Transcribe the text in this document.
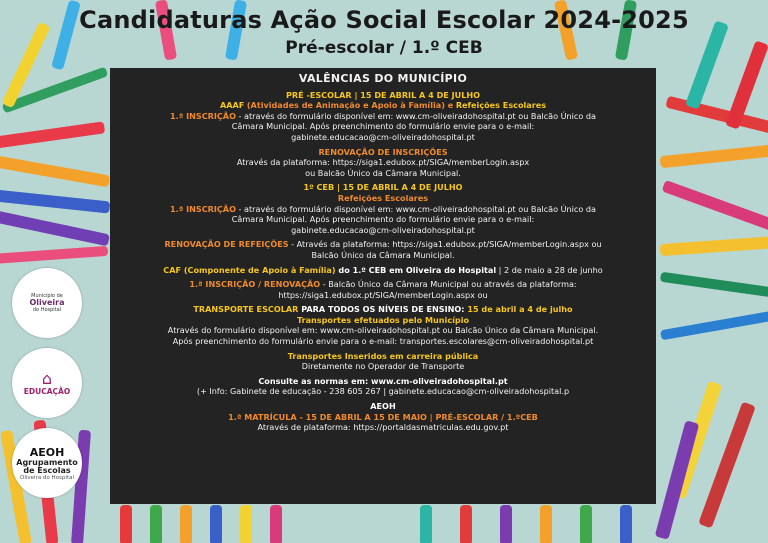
Candidaturas Ação Social Escolar 2024-2025
Pré-escolar / 1.º CEB
Município de
Oliveira
do Hospital
⌂
EDUCAÇÃO
AEOH
Agrupamento
de Escolas
Oliveira do Hospital
VALÊNCIAS DO MUNICÍPIO
PRÉ -ESCOLAR | 15 DE ABRIL A 4 DE JULHO
AAAF (Atividades de Animação e Apoio à Família) e Refeições Escolares
1.ª INSCRIÇÃO - através do formulário disponível em: www.cm-oliveiradohospital.pt ou Balcão Único da
Câmara Municipal. Após preenchimento do formulário envie para o e-mail:
gabinete.educacao@cm-oliveiradohospital.pt
RENOVAÇÃO DE INSCRIÇÕES
Através da plataforma: https://siga1.edubox.pt/SIGA/memberLogin.aspx
ou Balcão Único da Câmara Municipal.
1º CEB | 15 DE ABRIL A 4 DE JULHO
Refeições Escolares
1.ª INSCRIÇÃO - através do formulário disponível em: www.cm-oliveiradohospital.pt ou Balcão Único da
Câmara Municipal. Após preenchimento do formulário envie para o e-mail:
gabinete.educacao@cm-oliveiradohospital.pt
RENOVAÇÃO DE REFEIÇÕES - Através da plataforma: https://siga1.edubox.pt/SIGA/memberLogin.aspx ou
Balcão Único da Câmara Municipal.
CAF (Componente de Apoio à Família) do 1.º CEB em Oliveira do Hospital | 2 de maio a 28 de junho
1.ª INSCRIÇÃO / RENOVAÇÃO - Balcão Único da Câmara Municipal ou através da plataforma:
https://siga1.edubox.pt/SIGA/memberLogin.aspx ou
TRANSPORTE ESCOLAR PARA TODOS OS NÍVEIS DE ENSINO: 15 de abril a 4 de julho
Transportes efetuados pelo Município
Através do formulário disponível em: www.cm-oliveiradohospital.pt ou Balcão Único da Câmara Municipal.
Após preenchimento do formulário envie para o e-mail: transportes.escolares@cm-oliveiradohospital.pt
Transportes Inseridos em carreira pública
Diretamente no Operador de Transporte
Consulte as normas em: www.cm-oliveiradohospital.pt
(+ Info: Gabinete de educação - 238 605 267 | gabinete.educacao@cm-oliveiradohospital.p
AEOH
1.ª MATRÍCULA - 15 DE ABRIL A 15 DE MAIO | PRÉ-ESCOLAR / 1.ºCEB
Através de plataforma: https://portaldasmatriculas.edu.gov.pt
